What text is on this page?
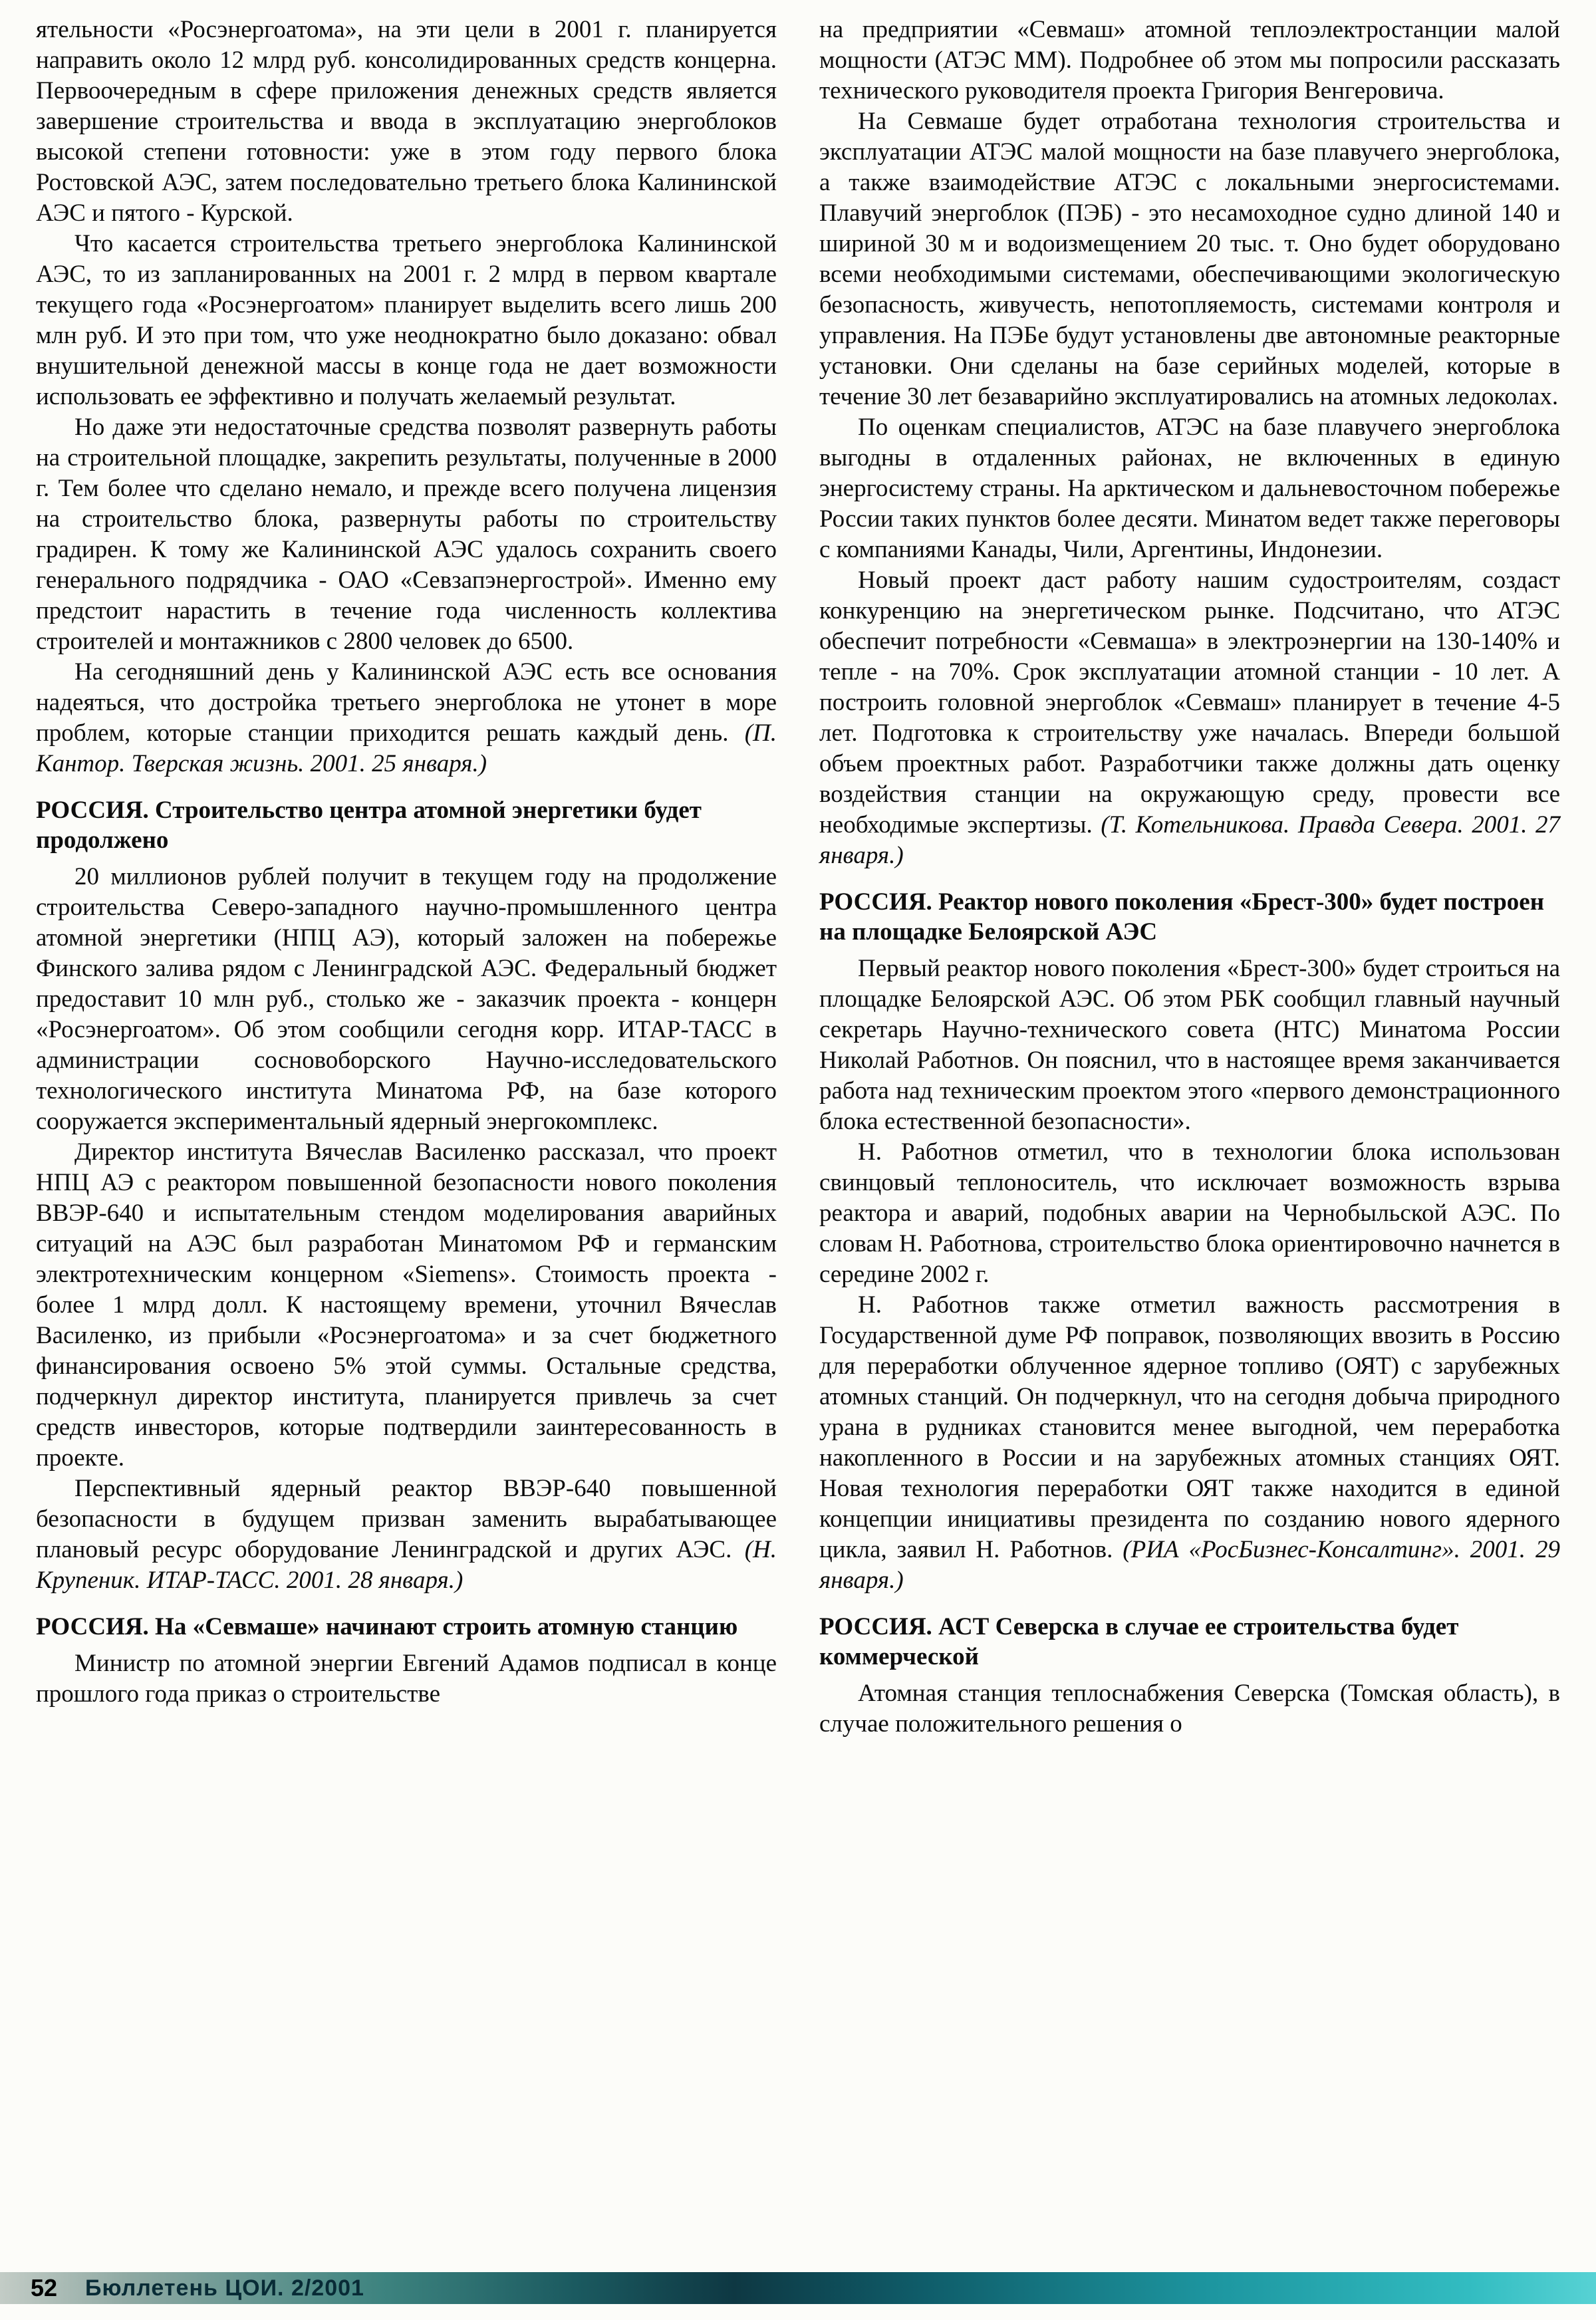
ятельности «Росэнергоатома», на эти цели в 2001 г. планируется направить около 12 млрд руб. консолидированных средств концерна. Первоочередным в сфере приложения денежных средств является завершение строительства и ввода в эксплуатацию энергоблоков высокой степени готовности: уже в этом году первого блока Ростовской АЭС, затем последовательно третьего блока Калининской АЭС и пятого - Курской.

Что касается строительства третьего энергоблока Калининской АЭС, то из запланированных на 2001 г. 2 млрд в первом квартале текущего года «Росэнергоатом» планирует выделить всего лишь 200 млн руб. И это при том, что уже неоднократно было доказано: обвал внушительной денежной массы в конце года не дает возможности использовать ее эффективно и получать желаемый результат.

Но даже эти недостаточные средства позволят развернуть работы на строительной площадке, закрепить результаты, полученные в 2000 г. Тем более что сделано немало, и прежде всего получена лицензия на строительство блока, развернуты работы по строительству градирен. К тому же Калининской АЭС удалось сохранить своего генерального подрядчика - ОАО «Севзапэнергострой». Именно ему предстоит нарастить в течение года численность коллектива строителей и монтажников с 2800 человек до 6500.

На сегодняшний день у Калининской АЭС есть все основания надеяться, что достройка третьего энергоблока не утонет в море проблем, которые станции приходится решать каждый день. (П. Кантор. Тверская жизнь. 2001. 25 января.)

РОССИЯ. Строительство центра атомной энергетики будет продолжено

20 миллионов рублей получит в текущем году на продолжение строительства Северо-западного научно-промышленного центра атомной энергетики (НПЦ АЭ), который заложен на побережье Финского залива рядом с Ленинградской АЭС. Федеральный бюджет предоставит 10 млн руб., столько же - заказчик проекта - концерн «Росэнергоатом». Об этом сообщили сегодня корр. ИТАР-ТАСС в администрации сосновоборского Научно-исследовательского технологического института Минатома РФ, на базе которого сооружается экспериментальный ядерный энергокомплекс.

Директор института Вячеслав Василенко рассказал, что проект НПЦ АЭ с реактором повышенной безопасности нового поколения ВВЭР-640 и испытательным стендом моделирования аварийных ситуаций на АЭС был разработан Минатомом РФ и германским электротехническим концерном «Siemens». Стоимость проекта - более 1 млрд долл. К настоящему времени, уточнил Вячеслав Василенко, из прибыли «Росэнергоатома» и за счет бюджетного финансирования освоено 5% этой суммы. Остальные средства, подчеркнул директор института, планируется привлечь за счет средств инвесторов, которые подтвердили заинтересованность в проекте.

Перспективный ядерный реактор ВВЭР-640 повышенной безопасности в будущем призван заменить вырабатывающее плановый ресурс оборудование Ленинградской и других АЭС. (Н. Крупеник. ИТАР-ТАСС. 2001. 28 января.)

РОССИЯ. На «Севмаше» начинают строить атомную станцию

Министр по атомной энергии Евгений Адамов подписал в конце прошлого года приказ о строительстве

на предприятии «Севмаш» атомной теплоэлектростанции малой мощности (АТЭС ММ). Подробнее об этом мы попросили рассказать технического руководителя проекта Григория Венгеровича.

На Севмаше будет отработана технология строительства и эксплуатации АТЭС малой мощности на базе плавучего энергоблока, а также взаимодействие АТЭС с локальными энергосистемами. Плавучий энергоблок (ПЭБ) - это несамоходное судно длиной 140 и шириной 30 м и водоизмещением 20 тыс. т. Оно будет оборудовано всеми необходимыми системами, обеспечивающими экологическую безопасность, живучесть, непотопляемость, системами контроля и управления. На ПЭБе будут установлены две автономные реакторные установки. Они сделаны на базе серийных моделей, которые в течение 30 лет безаварийно эксплуатировались на атомных ледоколах.

По оценкам специалистов, АТЭС на базе плавучего энергоблока выгодны в отдаленных районах, не включенных в единую энергосистему страны. На арктическом и дальневосточном побережье России таких пунктов более десяти. Минатом ведет также переговоры с компаниями Канады, Чили, Аргентины, Индонезии.

Новый проект даст работу нашим судостроителям, создаст конкуренцию на энергетическом рынке. Подсчитано, что АТЭС обеспечит потребности «Севмаша» в электроэнергии на 130-140% и тепле - на 70%. Срок эксплуатации атомной станции - 10 лет. А построить головной энергоблок «Севмаш» планирует в течение 4-5 лет. Подготовка к строительству уже началась. Впереди большой объем проектных работ. Разработчики также должны дать оценку воздействия станции на окружающую среду, провести все необходимые экспертизы. (Т. Котельникова. Правда Севера. 2001. 27 января.)

РОССИЯ. Реактор нового поколения «Брест-300» будет построен на площадке Белоярской АЭС

Первый реактор нового поколения «Брест-300» будет строиться на площадке Белоярской АЭС. Об этом РБК сообщил главный научный секретарь Научно-технического совета (НТС) Минатома России Николай Работнов. Он пояснил, что в настоящее время заканчивается работа над техническим проектом этого «первого демонстрационного блока естественной безопасности».

Н. Работнов отметил, что в технологии блока использован свинцовый теплоноситель, что исключает возможность взрыва реактора и аварий, подобных аварии на Чернобыльской АЭС. По словам Н. Работнова, строительство блока ориентировочно начнется в середине 2002 г.

Н. Работнов также отметил важность рассмотрения в Государственной думе РФ поправок, позволяющих ввозить в Россию для переработки облученное ядерное топливо (ОЯТ) с зарубежных атомных станций. Он подчеркнул, что на сегодня добыча природного урана в рудниках становится менее выгодной, чем переработка накопленного в России и на зарубежных атомных станциях ОЯТ. Новая технология переработки ОЯТ также находится в единой концепции инициативы президента по созданию нового ядерного цикла, заявил Н. Работнов. (РИА «РосБизнес-Консалтинг». 2001. 29 января.)

РОССИЯ. АСТ Северска в случае ее строительства будет коммерческой

Атомная станция теплоснабжения Северска (Томская область), в случае положительного решения о

52	Бюллетень ЦОИ. 2/2001
